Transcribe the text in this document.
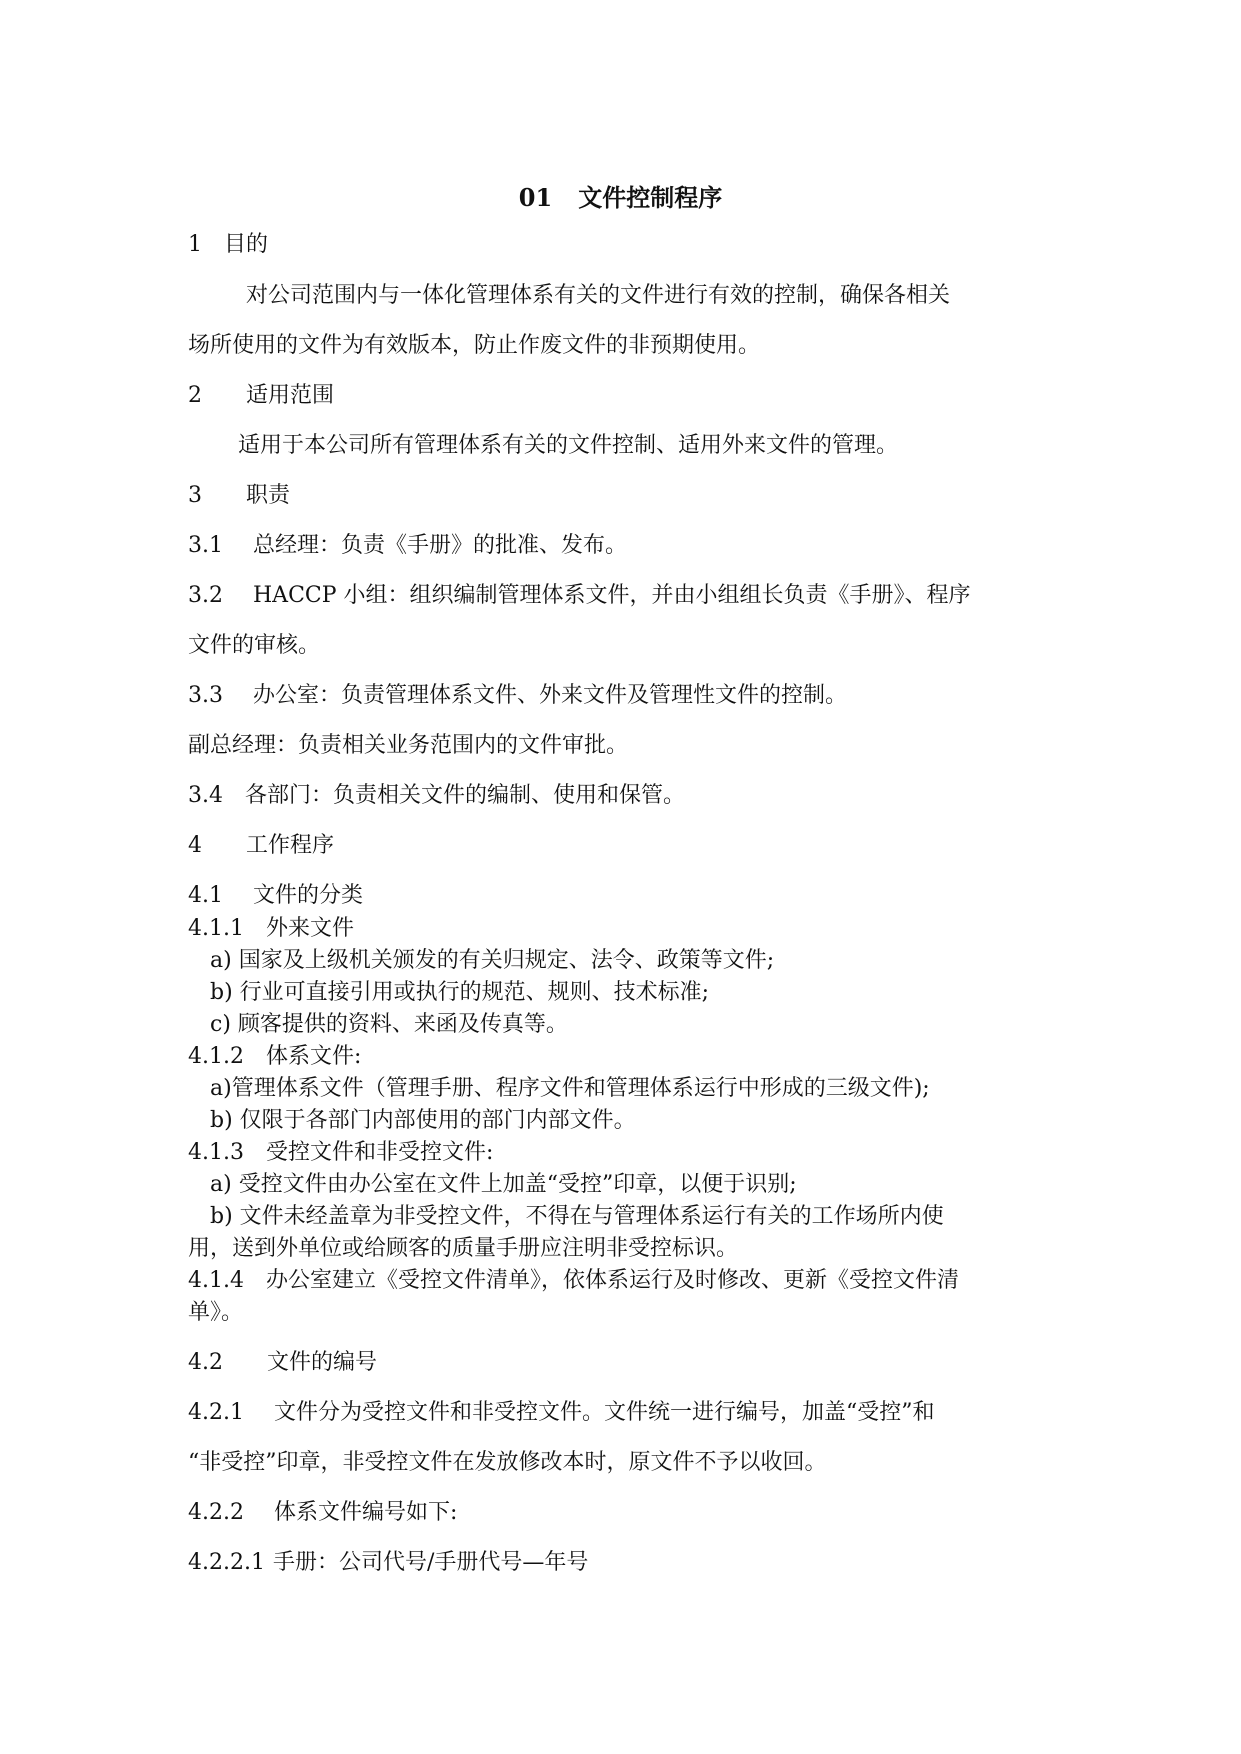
01 文件控制程序
1 目的
对公司范围内与一体化管理体系有关的文件进行有效的控制，确保各相关
场所使用的文件为有效版本，防止作废文件的非预期使用。
2 适用范围
适用于本公司所有管理体系有关的文件控制、适用外来文件的管理。
3 职责
3.1 总经理：负责《手册》的批准、发布。
3.2 HACCP 小组：组织编制管理体系文件，并由小组组长负责《手册》、程序
文件的审核。
3.3 办公室：负责管理体系文件、外来文件及管理性文件的控制。
副总经理：负责相关业务范围内的文件审批。
3.4 各部门：负责相关文件的编制、使用和保管。
4 工作程序
4.1 文件的分类
4.1.1 外来文件
a) 国家及上级机关颁发的有关归规定、法令、政策等文件;
b) 行业可直接引用或执行的规范、规则、技术标准;
c) 顾客提供的资料、来函及传真等。
4.1.2 体系文件:
a)管理体系文件（管理手册、程序文件和管理体系运行中形成的三级文件);
b) 仅限于各部门内部使用的部门内部文件。
4.1.3 受控文件和非受控文件:
a) 受控文件由办公室在文件上加盖“受控”印章，以便于识别;
b) 文件未经盖章为非受控文件，不得在与管理体系运行有关的工作场所内使
用，送到外单位或给顾客的质量手册应注明非受控标识。
4.1.4 办公室建立《受控文件清单》，依体系运行及时修改、更新《受控文件清
单》。
4.2 文件的编号
4.2.1 文件分为受控文件和非受控文件。文件统一进行编号，加盖“受控”和
“非受控”印章，非受控文件在发放修改本时，原文件不予以收回。
4.2.2 体系文件编号如下:
4.2.2.1 手册：公司代号/手册代号—年号
